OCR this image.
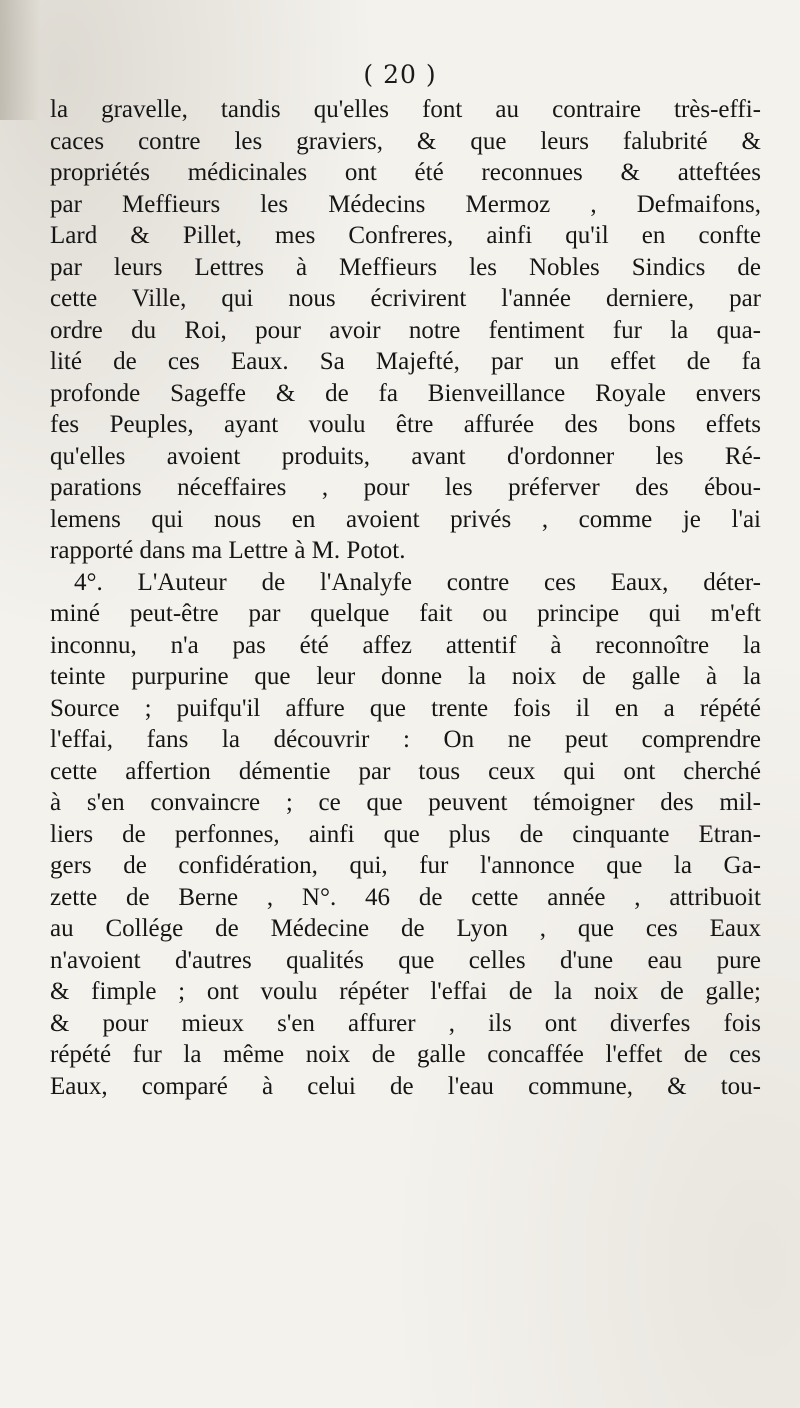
( 20 )
la gravelle, tandis qu'elles font au contraire très-effi-
caces contre les graviers, & que leurs falubrité &
propriétés médicinales ont été reconnues & atteftées
par Meffieurs les Médecins Mermoz , Defmaifons,
Lard & Pillet, mes Confreres, ainfi qu'il en confte
par leurs Lettres à Meffieurs les Nobles Sindics de
cette Ville, qui nous écrivirent l'année derniere, par
ordre du Roi, pour avoir notre fentiment fur la qua-
lité de ces Eaux. Sa Majefté, par un effet de fa
profonde Sageffe & de fa Bienveillance Royale envers
fes Peuples, ayant voulu être affurée des bons effets
qu'elles avoient produits, avant d'ordonner les Ré-
parations néceffaires , pour les préferver des ébou-
lemens qui nous en avoient privés , comme je l'ai
rapporté dans ma Lettre à M. Potot.
4°. L'Auteur de l'Analyfe contre ces Eaux, déter-
miné peut-être par quelque fait ou principe qui m'eft
inconnu, n'a pas été affez attentif à reconnoître la
teinte purpurine que leur donne la noix de galle à la
Source ; puifqu'il affure que trente fois il en a répété
l'effai, fans la découvrir : On ne peut comprendre
cette affertion démentie par tous ceux qui ont cherché
à s'en convaincre ; ce que peuvent témoigner des mil-
liers de perfonnes, ainfi que plus de cinquante Etran-
gers de confidération, qui, fur l'annonce que la Ga-
zette de Berne , N°. 46 de cette année , attribuoit
au Collége de Médecine de Lyon , que ces Eaux
n'avoient d'autres qualités que celles d'une eau pure
& fimple ; ont voulu répéter l'effai de la noix de galle;
& pour mieux s'en affurer , ils ont diverfes fois
répété fur la même noix de galle concaffée l'effet de ces
Eaux, comparé à celui de l'eau commune, & tou-
